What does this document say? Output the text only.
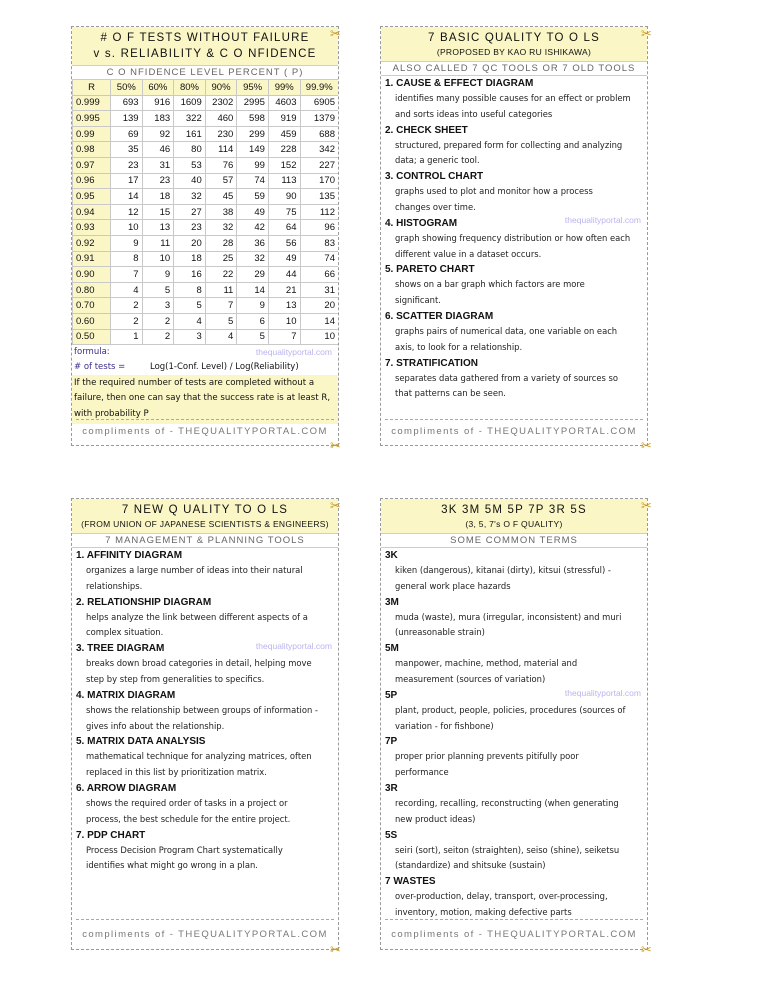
# O F TESTS WITHOUT FAILURE
v s. RELIABILITY & C O NFIDENCE
C O NFIDENCE LEVEL PERCENT ( P)
R	50%	60%	80%	90%	95%	99%	99.9%
0.999	693	916	1609	2302	2995	4603	6905
0.995	139	183	322	460	598	919	1379
0.99	69	92	161	230	299	459	688
0.98	35	46	80	114	149	228	342
0.97	23	31	53	76	99	152	227
0.96	17	23	40	57	74	113	170
0.95	14	18	32	45	59	90	135
0.94	12	15	27	38	49	75	112
0.93	10	13	23	32	42	64	96
0.92	9	11	20	28	36	56	83
0.91	8	10	18	25	32	49	74
0.90	7	9	16	22	29	44	66
0.80	4	5	8	11	14	21	31
0.70	2	3	5	7	9	13	20
0.60	2	2	4	5	6	10	14
0.50	1	2	3	4	5	7	10
formula:	thequalityportal.com
# of tests =	Log(1-Conf. Level) / Log(Reliability)
If the required number of tests are completed without a failure, then one can say that the success rate is at least R, with probability P
compliments of - THEQUALITYPORTAL.COM
✂
✂
7 BASIC QUALITY TO O LS
(PROPOSED BY KAO RU ISHIKAWA)
ALSO CALLED 7 QC TOOLS OR 7 OLD TOOLS
thequalityportal.com
1. CAUSE & EFFECT DIAGRAM
identifies many possible causes for an effect or problem
and sorts ideas into useful categories
2. CHECK SHEET
structured, prepared form for collecting and analyzing
data; a generic tool.
3. CONTROL CHART
graphs used to plot and monitor how a process
changes over time.
4. HISTOGRAM
graph showing frequency distribution or how often each
different value in a dataset occurs.
5. PARETO CHART
shows on a bar graph which factors are more
significant.
6. SCATTER DIAGRAM
graphs pairs of numerical data, one variable on each
axis, to look for a relationship.
7. STRATIFICATION
separates data gathered from a variety of sources so
that patterns can be seen.
compliments of - THEQUALITYPORTAL.COM
✂
✂
7 NEW Q UALITY TO O LS
(FROM UNION OF JAPANESE SCIENTISTS & ENGINEERS)
7 MANAGEMENT & PLANNING TOOLS
thequalityportal.com
1. AFFINITY DIAGRAM
organizes a large number of ideas into their natural
relationships.
2. RELATIONSHIP DIAGRAM
helps analyze the link between different aspects of a
complex situation.
3. TREE DIAGRAM
breaks down broad categories in detail, helping move
step by step from generalities to specifics.
4. MATRIX DIAGRAM
shows the relationship between groups of information -
gives info about the relationship.
5. MATRIX DATA ANALYSIS
mathematical technique for analyzing matrices, often
replaced in this list by prioritization matrix.
6. ARROW DIAGRAM
shows the required order of tasks in a project or
process, the best schedule for the entire project.
7. PDP CHART
Process Decision Program Chart systematically
identifies what might go wrong in a plan.
compliments of - THEQUALITYPORTAL.COM
✂
✂
3K 3M 5M 5P 7P 3R 5S
(3, 5, 7's O F QUALITY)
SOME COMMON TERMS
thequalityportal.com
3K
kiken (dangerous), kitanai (dirty), kitsui (stressful) -
general work place hazards
3M
muda (waste), mura (irregular, inconsistent) and muri
(unreasonable strain)
5M
manpower, machine, method, material and
measurement (sources of variation)
5P
plant, product, people, policies, procedures (sources of
variation - for fishbone)
7P
proper prior planning prevents pitifully poor
performance
3R
recording, recalling, reconstructing (when generating
new product ideas)
5S
seiri (sort), seiton (straighten), seiso (shine), seiketsu
(standardize) and shitsuke (sustain)
7 WASTES
over-production, delay, transport, over-processing,
inventory, motion, making defective parts
compliments of - THEQUALITYPORTAL.COM
✂
✂
